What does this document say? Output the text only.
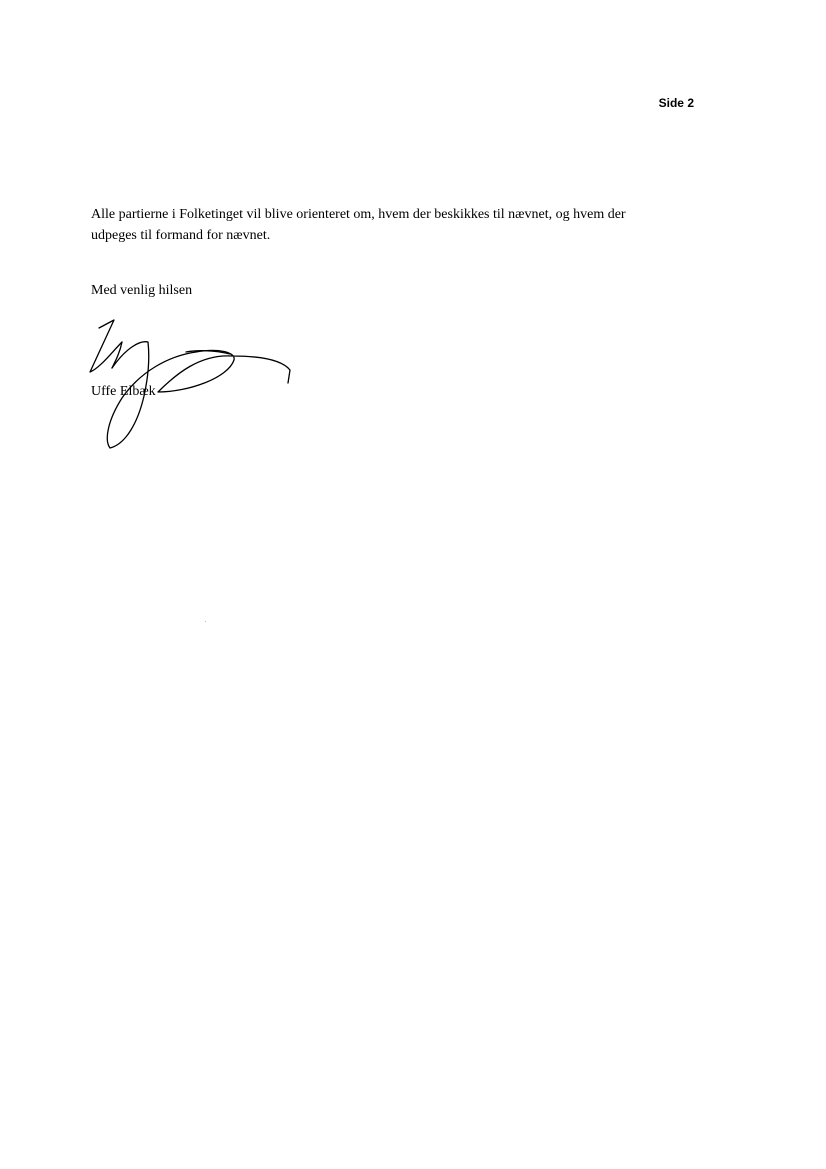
Side 2

Alle partierne i Folketinget vil blive orienteret om, hvem der beskikkes til nævnet, og hvem der udpeges til formand for nævnet.

Med venlig hilsen
Uffe Elbæk
